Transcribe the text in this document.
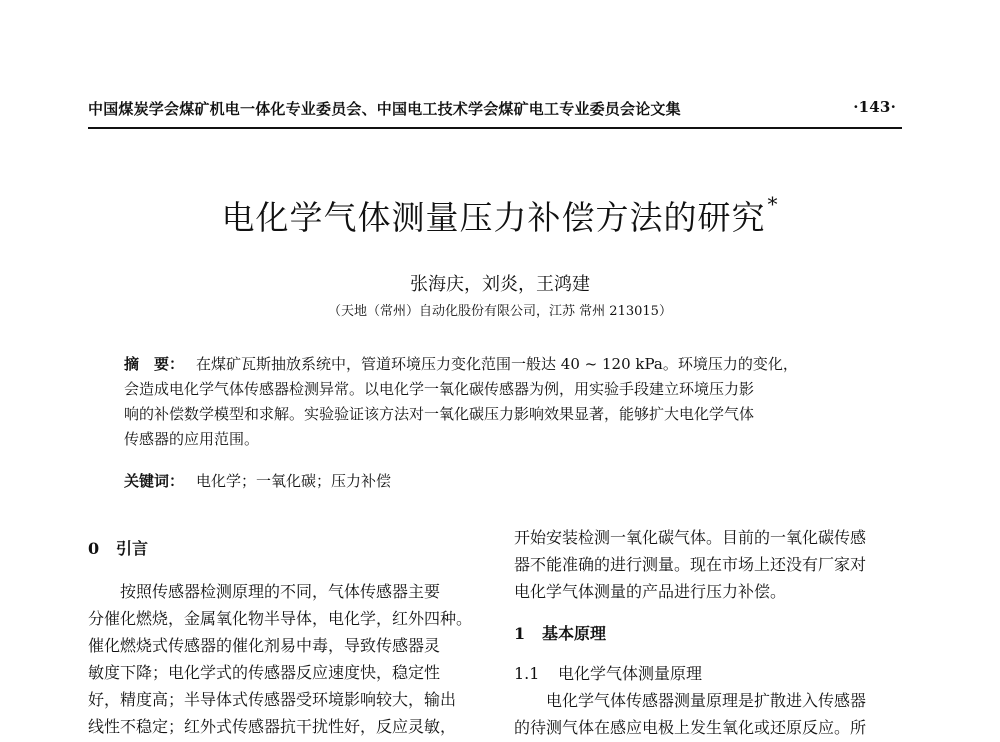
中国煤炭学会煤矿机电一体化专业委员会、中国电工技术学会煤矿电工专业委员会论文集	·143·
电化学气体测量压力补偿方法的研究 *
张海庆，刘炎，王鸿建
（天地（常州）自动化股份有限公司，江苏 常州 213015）
摘　要： 在煤矿瓦斯抽放系统中，管道环境压力变化范围一般达 40 ~ 120 kPa。环境压力的变化，
会造成电化学气体传感器检测异常。以电化学一氧化碳传感器为例，用实验手段建立环境压力影
响的补偿数学模型和求解。实验验证该方法对一氧化碳压力影响效果显著，能够扩大电化学气体
传感器的应用范围。
关键词： 电化学；一氧化碳；压力补偿
0 引言
按照传感器检测原理的不同，气体传感器主要
分催化燃烧，金属氧化物半导体，电化学，红外四种。
催化燃烧式传感器的催化剂易中毒，导致传感器灵
敏度下降；电化学式的传感器反应速度快，稳定性
好，精度高；半导体式传感器受环境影响较大，输出
线性不稳定；红外式传感器抗干扰性好，反应灵敏，
开始安装检测一氧化碳气体。目前的一氧化碳传感
器不能准确的进行测量。现在市场上还没有厂家对
电化学气体测量的产品进行压力补偿。
1 基本原理
1.1 电化学气体测量原理
电化学气体传感器测量原理是扩散进入传感器
的待测气体在感应电极上发生氧化或还原反应。所
